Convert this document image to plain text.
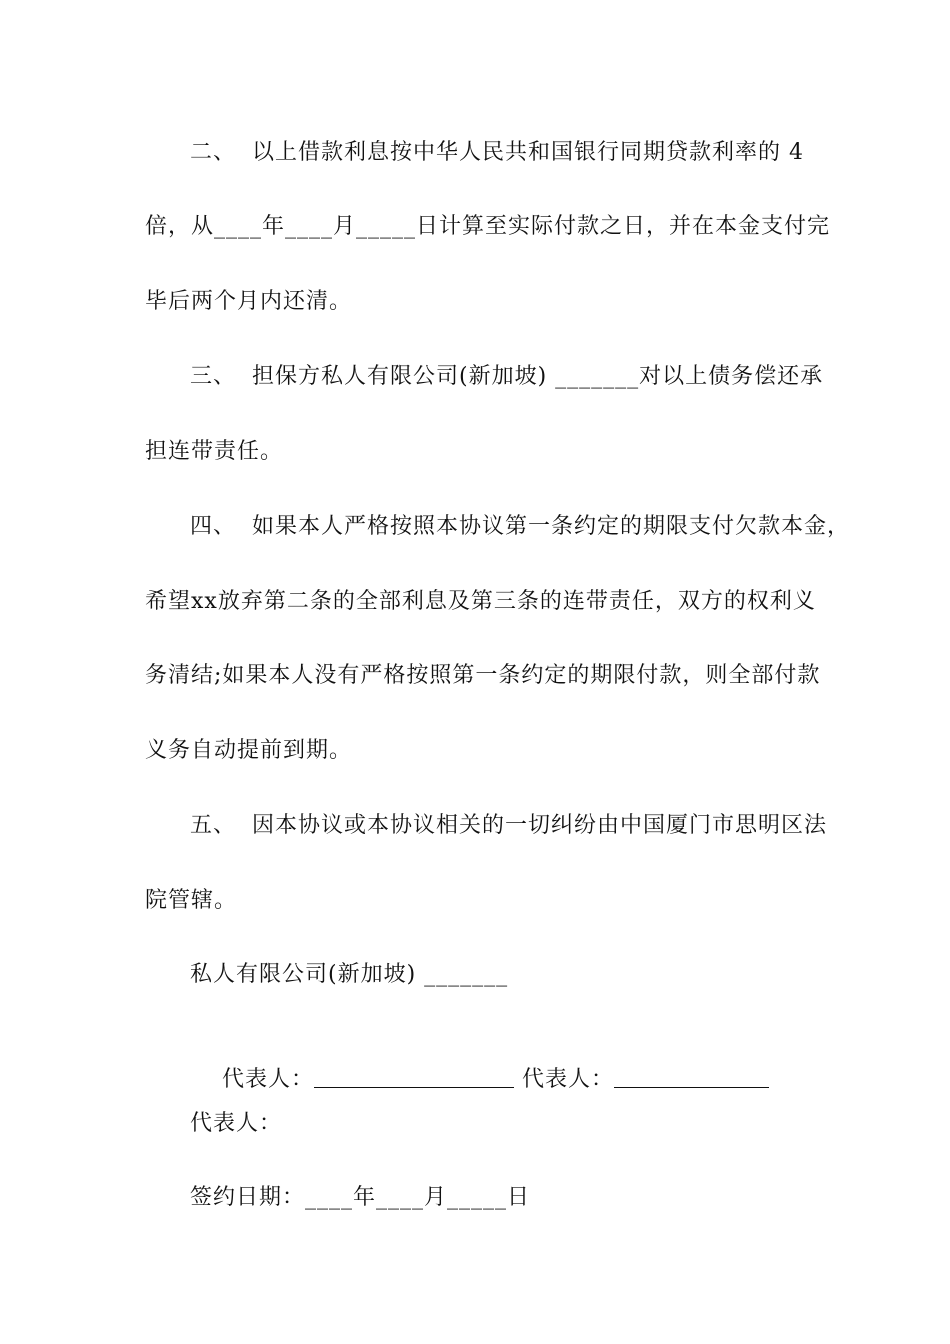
二、  以上借款利息按中华人民共和国银行同期贷款利率的 4
倍，从____年____月_____日计算至实际付款之日，并在本金支付完
毕后两个月内还清。
三、  担保方私人有限公司(新加坡) _______对以上债务偿还承
担连带责任。
四、  如果本人严格按照本协议第一条约定的期限支付欠款本金，
希望xx放弃第二条的全部利息及第三条的连带责任，双方的权利义
务清结;如果本人没有严格按照第一条约定的期限付款，则全部付款
义务自动提前到期。
五、  因本协议或本协议相关的一切纠纷由中国厦门市思明区法
院管辖。
私人有限公司(新加坡) _______

代表人：	代表人：

代表人：
签约日期：____年____月_____日
